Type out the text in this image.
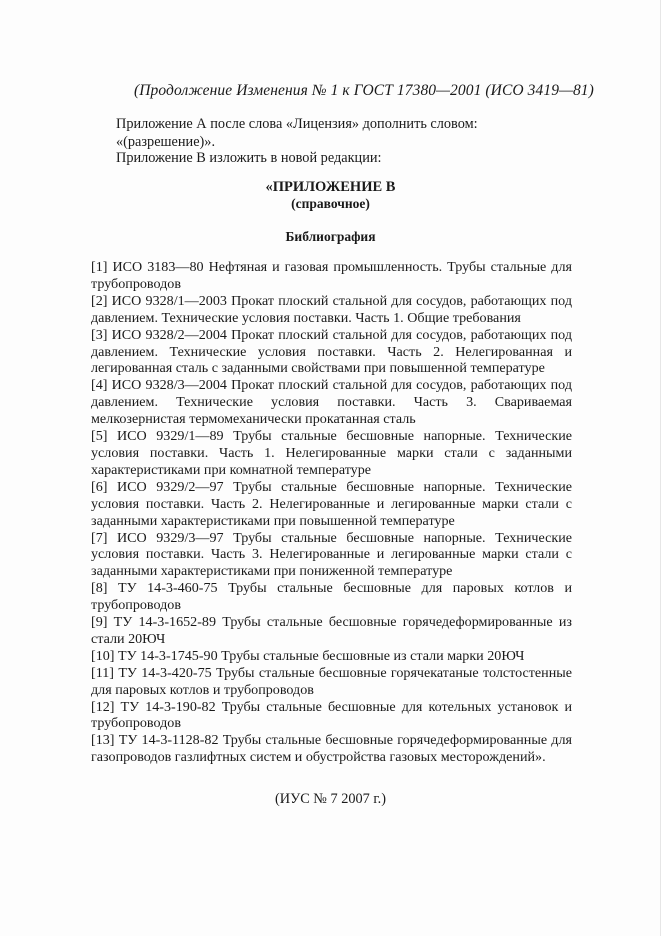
(Продолжение Изменения № 1 к ГОСТ 17380—2001 (ИСО 3419—81)
Приложение А после слова «Лицензия» дополнить словом: «(разрешение)».
Приложение В изложить в новой редакции:
«ПРИЛОЖЕНИЕ В
(справочное)
Библиография

[1] ИСО 3183—80 Нефтяная и газовая промышленность. Трубы стальные для трубопроводов

[2] ИСО 9328/1—2003 Прокат плоский стальной для сосудов, работающих под давлением. Технические условия поставки. Часть 1. Общие требования

[3] ИСО 9328/2—2004 Прокат плоский стальной для сосудов, работающих под давлением. Технические условия поставки. Часть 2. Нелегированная и легированная сталь с заданными свойствами при повышенной температуре

[4] ИСО 9328/3—2004 Прокат плоский стальной для сосудов, работающих под давлением. Технические условия поставки. Часть 3. Свариваемая мелкозернистая термомеханически прокатанная сталь

[5] ИСО 9329/1—89 Трубы стальные бесшовные напорные. Технические условия поставки. Часть 1. Нелегированные марки стали с заданными характеристиками при комнатной температуре

[6] ИСО 9329/2—97 Трубы стальные бесшовные напорные. Технические условия поставки. Часть 2. Нелегированные и легированные марки стали с заданными характеристиками при повышенной температуре

[7] ИСО 9329/3—97 Трубы стальные бесшовные напорные. Технические условия поставки. Часть 3. Нелегированные и легированные марки стали с заданными характеристиками при пониженной температуре

[8] ТУ 14-3-460-75 Трубы стальные бесшовные для паровых котлов и трубопроводов

[9] ТУ 14-3-1652-89 Трубы стальные бесшовные горячедеформированные из стали 20ЮЧ

[10] ТУ 14-3-1745-90 Трубы стальные бесшовные из стали марки 20ЮЧ

[11] ТУ 14-3-420-75 Трубы стальные бесшовные горячекатаные толстостенные для паровых котлов и трубопроводов

[12] ТУ 14-3-190-82 Трубы стальные бесшовные для котельных установок и трубопроводов

[13] ТУ 14-3-1128-82 Трубы стальные бесшовные горячедеформированные для газопроводов газлифтных систем и обустройства газовых месторождений».

(ИУС № 7 2007 г.)
